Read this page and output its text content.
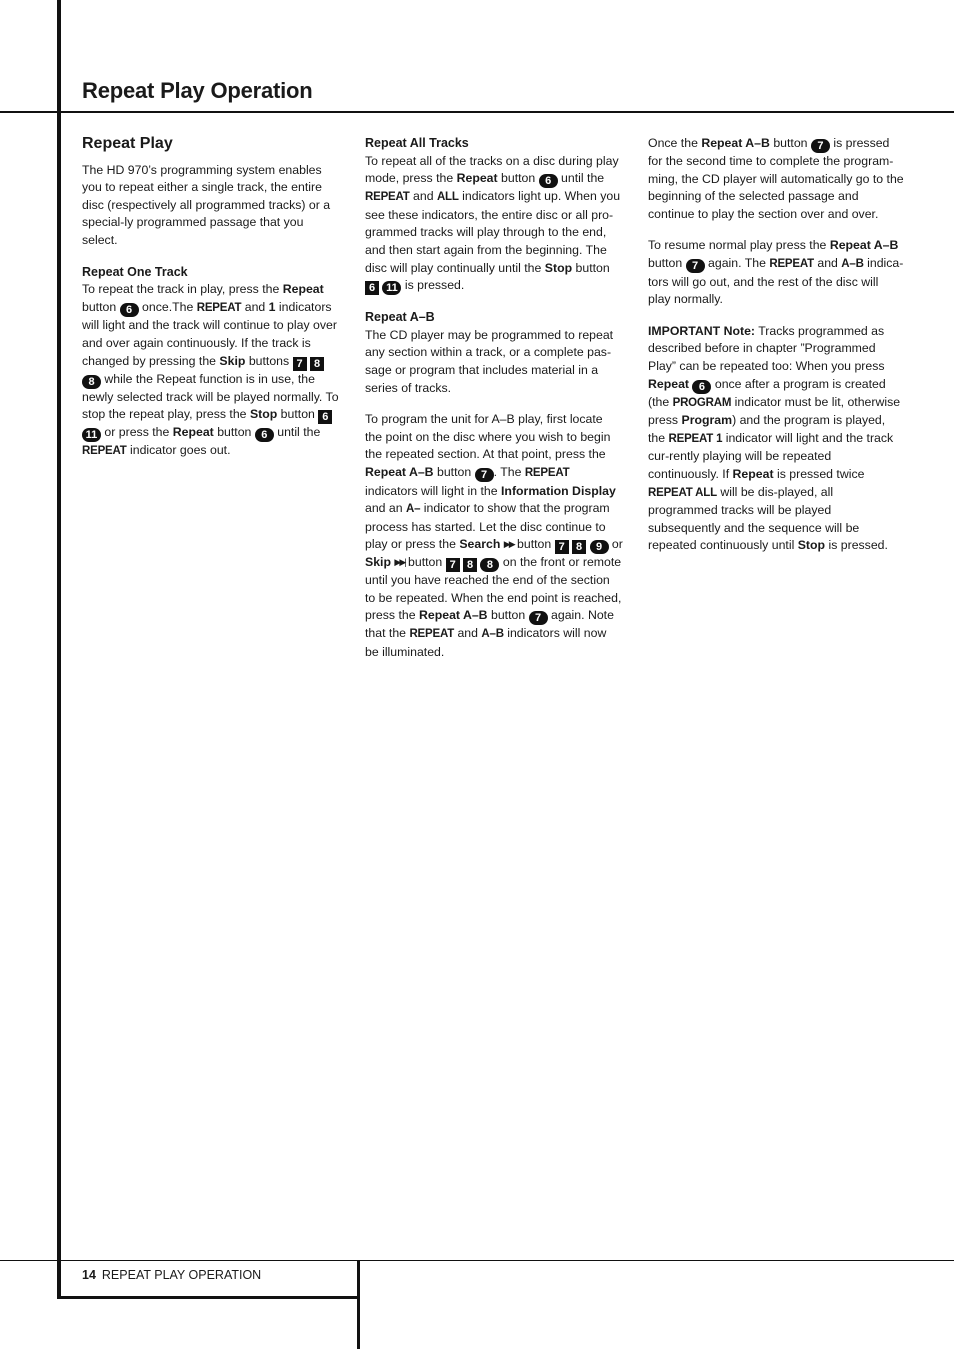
Repeat Play Operation
Repeat Play

The HD 970’s programming system enables you to repeat either a single track, the entire disc (respectively all programmed tracks) or a special-ly programmed passage that you select.

Repeat One Track

To repeat the track in play, press the Repeat button 6 once.The REPEAT and 1 indicators will light and the track will continue to play over and over again continuously. If the track is changed by pressing the Skip buttons 7 8 8 while the Repeat function is in use, the newly selected track will be played normally. To stop the repeat play, press the Stop button 6 11 or press the Repeat button 6 until the REPEAT indicator goes out.

Repeat All Tracks

To repeat all of the tracks on a disc during play mode, press the Repeat button 6 until the REPEAT and ALL indicators light up. When you see these indicators, the entire disc or all pro-grammed tracks will play through to the end, and then start again from the beginning. The disc will play continually until the Stop button 6 11 is pressed.

Repeat A–B

The CD player may be programmed to repeat any section within a track, or a complete pas-sage or program that includes material in a series of tracks.

To program the unit for A–B play, first locate the point on the disc where you wish to begin the repeated section. At that point, press the Repeat A–B button 7 . The REPEAT indicators will light in the Information Display and an A– indicator to show that the program process has started. Let the disc continue to play or press the Search ▶▶ button 7 8 9 or Skip ▶▶| button 7 8 8 on the front or remote until you have reached the end of the section to be repeated. When the end point is reached, press the Repeat A–B button 7 again. Note that the REPEAT and A–B indicators will now be illuminated.

Once the Repeat A–B button 7 is pressed for the second time to complete the program-ming, the CD player will automatically go to the beginning of the selected passage and continue to play the section over and over.

To resume normal play press the Repeat A–B button 7 again. The REPEAT and A–B indica-tors will go out, and the rest of the disc will play normally.

IMPORTANT Note: Tracks programmed as described before in chapter ”Programmed Play” can be repeated too: When you press Repeat 6 once after a program is created (the PROGRAM indicator must be lit, otherwise press Program) and the program is played, the REPEAT 1 indicator will light and the track cur-rently playing will be repeated continuously. If Repeat is pressed twice REPEAT ALL will be dis-played, all programmed tracks will be played subsequently and the sequence will be repeated continuously until Stop is pressed.

14 REPEAT PLAY OPERATION
